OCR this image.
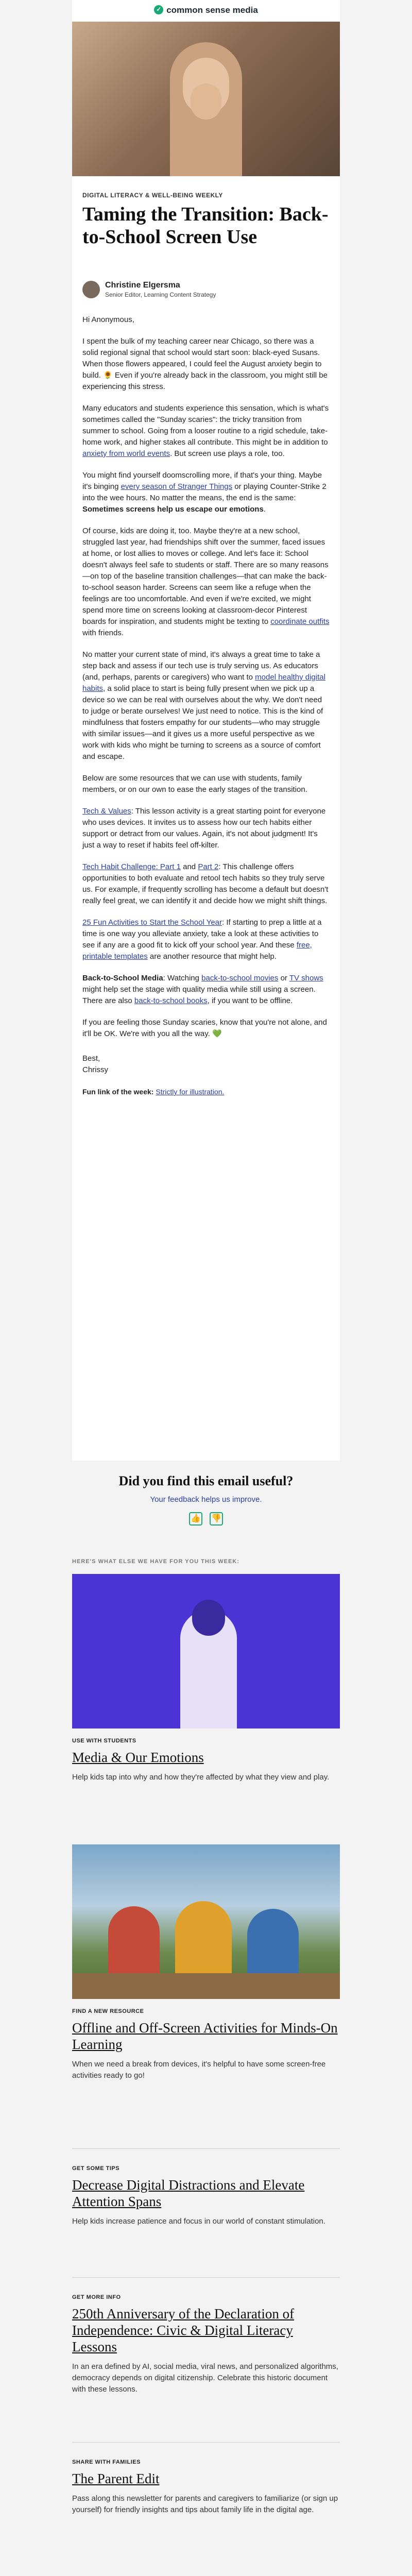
✓common sense media
DIGITAL LITERACY & WELL-BEING WEEKLY
Taming the Transition: Back-to-School Screen Use
Christine Elgersma
Senior Editor, Learning Content Strategy

Hi Anonymous,

I spent the bulk of my teaching career near Chicago, so there was a solid regional signal that school would start soon: black-eyed Susans. When those flowers appeared, I could feel the August anxiety begin to build. 🌻 Even if you're already back in the classroom, you might still be experiencing this stress.

Many educators and students experience this sensation, which is what's sometimes called the "Sunday scaries": the tricky transition from summer to school. Going from a looser routine to a rigid schedule, take-home work, and higher stakes all contribute. This might be in addition to anxiety from world events. But screen use plays a role, too.

You might find yourself doomscrolling more, if that's your thing. Maybe it's binging every season of Stranger Things or playing Counter-Strike 2 into the wee hours. No matter the means, the end is the same: Sometimes screens help us escape our emotions.

Of course, kids are doing it, too. Maybe they're at a new school, struggled last year, had friendships shift over the summer, faced issues at home, or lost allies to moves or college. And let's face it: School doesn't always feel safe to students or staff. There are so many reasons—on top of the baseline transition challenges—that can make the back-to-school season harder. Screens can seem like a refuge when the feelings are too uncomfortable. And even if we're excited, we might spend more time on screens looking at classroom-decor Pinterest boards for inspiration, and students might be texting to coordinate outfits with friends.

No matter your current state of mind, it's always a great time to take a step back and assess if our tech use is truly serving us. As educators (and, perhaps, parents or caregivers) who want to model healthy digital habits, a solid place to start is being fully present when we pick up a device so we can be real with ourselves about the why. We don't need to judge or berate ourselves! We just need to notice. This is the kind of mindfulness that fosters empathy for our students—who may struggle with similar issues—and it gives us a more useful perspective as we work with kids who might be turning to screens as a source of comfort and escape.

Below are some resources that we can use with students, family members, or on our own to ease the early stages of the transition.

Tech & Values: This lesson activity is a great starting point for everyone who uses devices. It invites us to assess how our tech habits either support or detract from our values. Again, it's not about judgment! It's just a way to reset if habits feel off-kilter.

Tech Habit Challenge: Part 1 and Part 2: This challenge offers opportunities to both evaluate and retool tech habits so they truly serve us. For example, if frequently scrolling has become a default but doesn't really feel great, we can identify it and decide how we might shift things.

25 Fun Activities to Start the School Year: If starting to prep a little at a time is one way you alleviate anxiety, take a look at these activities to see if any are a good fit to kick off your school year. And these free, printable templates are another resource that might help.

Back-to-School Media: Watching back-to-school movies or TV shows might help set the stage with quality media while still using a screen. There are also back-to-school books, if you want to be offline.

If you are feeling those Sunday scaries, know that you're not alone, and it'll be OK. We're with you all the way. 💚

Best,

Chrissy

Fun link of the week: Strictly for illustration.

Did you find this email useful?
Your feedback helps us improve.
👍 👎
HERE'S WHAT ELSE WE HAVE FOR YOU THIS WEEK:
USE WITH STUDENTS
Media & Our Emotions
Help kids tap into why and how they're affected by what they view and play.
FIND A NEW RESOURCE
Offline and Off-Screen Activities for Minds-On Learning
When we need a break from devices, it's helpful to have some screen-free activities ready to go!
GET SOME TIPS
Decrease Digital Distractions and Elevate Attention Spans
Help kids increase patience and focus in our world of constant stimulation.
GET MORE INFO
250th Anniversary of the Declaration of Independence: Civic & Digital Literacy Lessons
In an era defined by AI, social media, viral news, and personalized algorithms, democracy depends on digital citizenship. Celebrate this historic document with these lessons.
SHARE WITH FAMILIES
The Parent Edit
Pass along this newsletter for parents and caregivers to familiarize (or sign up yourself) for friendly insights and tips about family life in the digital age.
